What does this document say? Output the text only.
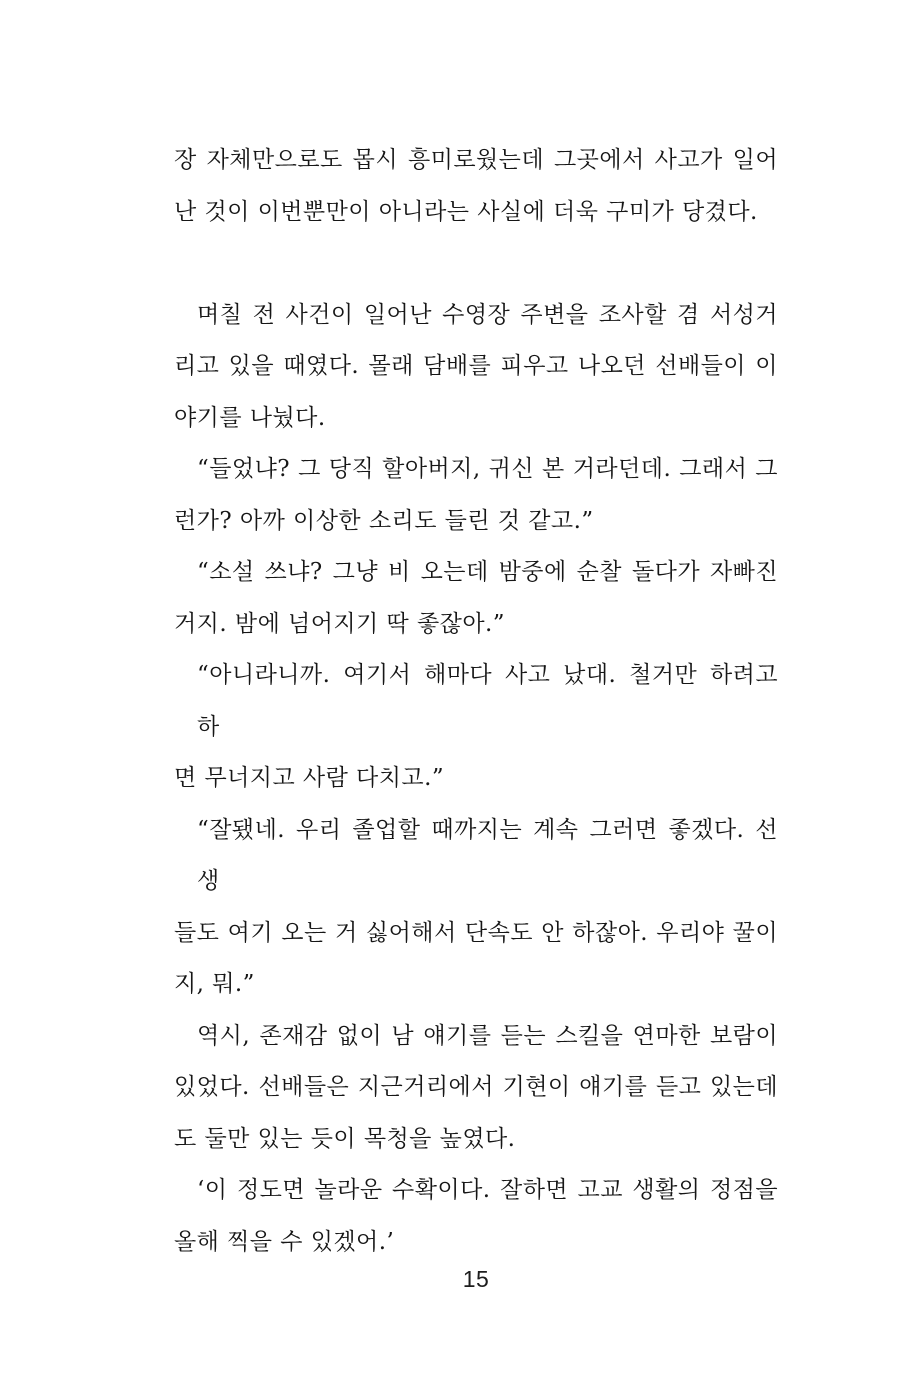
장 자체만으로도 몹시 흥미로웠는데 그곳에서 사고가 일어
난 것이 이번뿐만이 아니라는 사실에 더욱 구미가 당겼다.

며칠 전 사건이 일어난 수영장 주변을 조사할 겸 서성거
리고 있을 때였다. 몰래 담배를 피우고 나오던 선배들이 이
야기를 나눴다.

“들었냐? 그 당직 할아버지, 귀신 본 거라던데. 그래서 그
런가? 아까 이상한 소리도 들린 것 같고.”

“소설 쓰냐? 그냥 비 오는데 밤중에 순찰 돌다가 자빠진
거지. 밤에 넘어지기 딱 좋잖아.”

“아니라니까. 여기서 해마다 사고 났대. 철거만 하려고 하
면 무너지고 사람 다치고.”

“잘됐네. 우리 졸업할 때까지는 계속 그러면 좋겠다. 선생
들도 여기 오는 거 싫어해서 단속도 안 하잖아. 우리야 꿀이
지, 뭐.”

역시, 존재감 없이 남 얘기를 듣는 스킬을 연마한 보람이
있었다. 선배들은 지근거리에서 기현이 얘기를 듣고 있는데
도 둘만 있는 듯이 목청을 높였다.

‘이 정도면 놀라운 수확이다. 잘하면 고교 생활의 정점을
올해 찍을 수 있겠어.’

15
